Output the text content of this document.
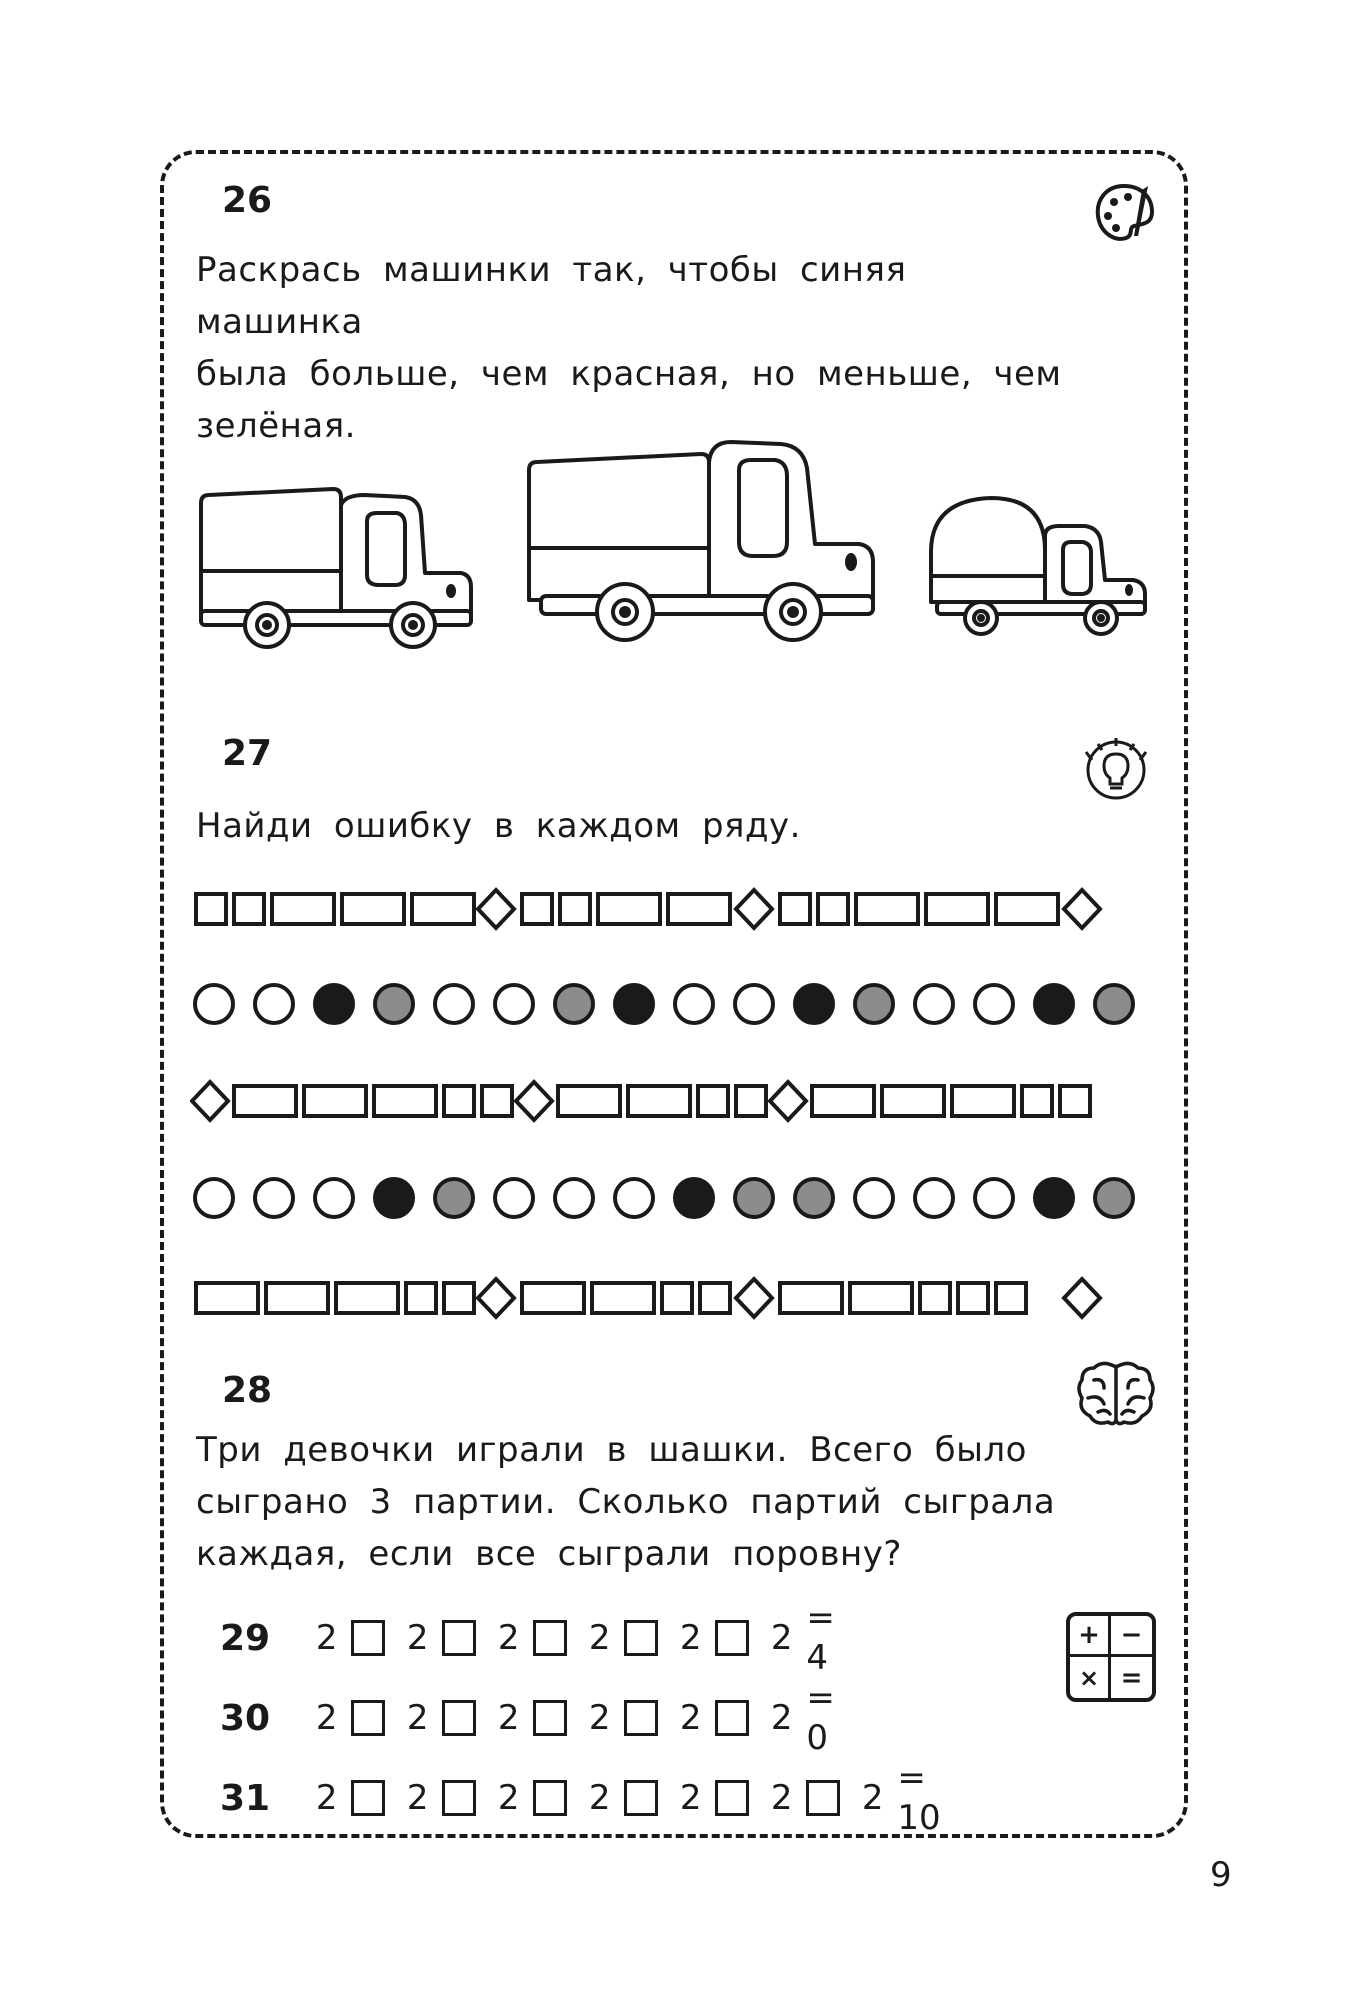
26
Раскрась машинки так, чтобы синяя машинка
была больше, чем красная, но меньше, чем
зелёная.
27
Найди ошибку в каждом ряду.
28
Три девочки играли в шашки. Всего было
сыграно 3 партии. Сколько партий сыграла
каждая, если все сыграли поровну?
+ −
× =
29 2 2 2 2 2 2 = 4
30 2 2 2 2 2 2 = 0
31 2 2 2 2 2 2 2 = 10
9
